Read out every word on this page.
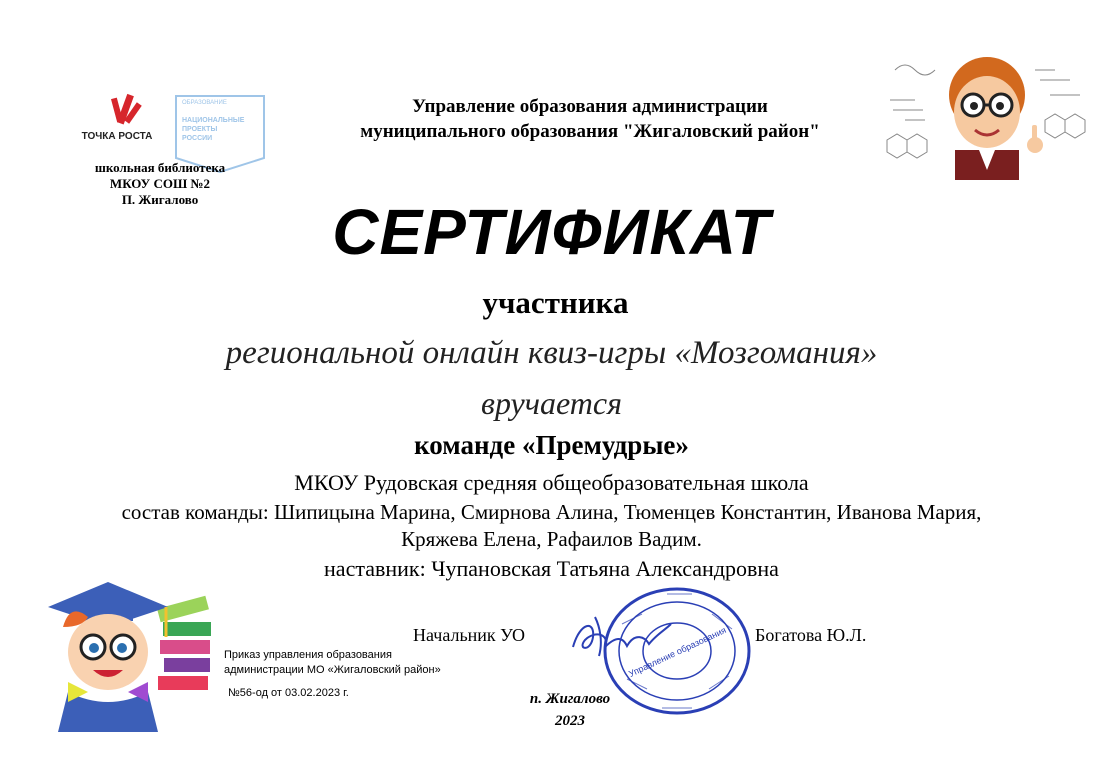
ТОЧКА РОСТА
ОБРАЗОВАНИЕ
НАЦИОНАЛЬНЫЕ
ПРОЕКТЫ
РОССИИ
школьная библиотека
МКОУ СОШ №2
П. Жигалово
Управление образования администрации
муниципального образования "Жигаловский район"
СЕРТИФИКАТ
участника
региональной онлайн квиз-игры «Мозгомания»
вручается
команде «Премудрые»
МКОУ Рудовская средняя общеобразовательная школа
состав команды: Шипицына Марина, Смирнова Алина, Тюменцев Константин, Иванова Мария,
Кряжева Елена, Рафаилов Вадим.
наставник: Чупановская Татьяна Александровна
Приказ управления образования
администрации МО «Жигаловский район»
№56-од от 03.02.2023 г.
Начальник УО	Управление образования Богатова Ю.Л.
п. Жигалово
2023
